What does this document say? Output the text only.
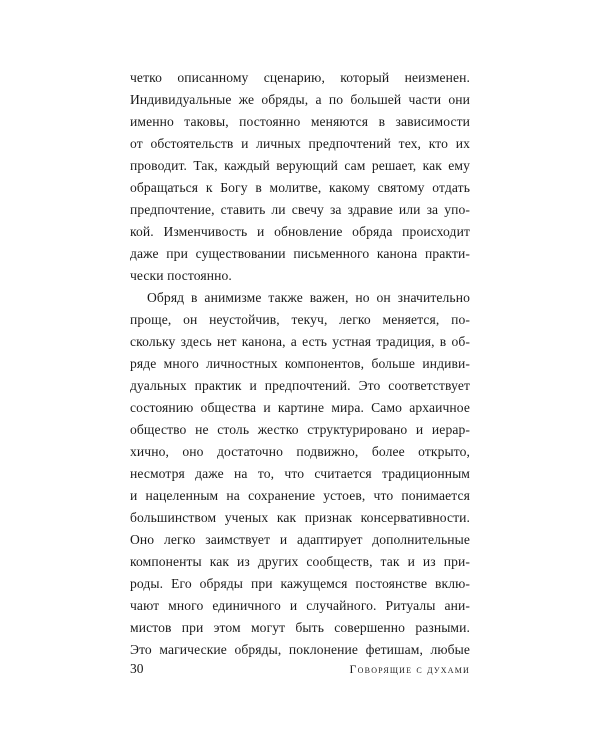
четко описанному сценарию, который неизменен.
Индивидуальные же обряды, а по большей части они
именно таковы, постоянно меняются в зависимости
от обстоятельств и личных предпочтений тех, кто их
проводит. Так, каждый верующий сам решает, как ему
обращаться к Богу в молитве, какому святому отдать
предпочтение, ставить ли свечу за здравие или за упо-
кой. Изменчивость и обновление обряда происходит
даже при существовании письменного канона практи-
чески постоянно.
Обряд в анимизме также важен, но он значительно
проще, он неустойчив, текуч, легко меняется, по-
скольку здесь нет канона, а есть устная традиция, в об-
ряде много личностных компонентов, больше индиви-
дуальных практик и предпочтений. Это соответствует
состоянию общества и картине мира. Само архаичное
общество не столь жестко структурировано и иерар-
хично, оно достаточно подвижно, более открыто,
несмотря даже на то, что считается традиционным
и нацеленным на сохранение устоев, что понимается
большинством ученых как признак консервативности.
Оно легко заимствует и адаптирует дополнительные
компоненты как из других сообществ, так и из при-
роды. Его обряды при кажущемся постоянстве вклю-
чают много единичного и случайного. Ритуалы ани-
мистов при этом могут быть совершенно разными.
Это магические обряды, поклонение фетишам, любые
30	Говорящие с духами
